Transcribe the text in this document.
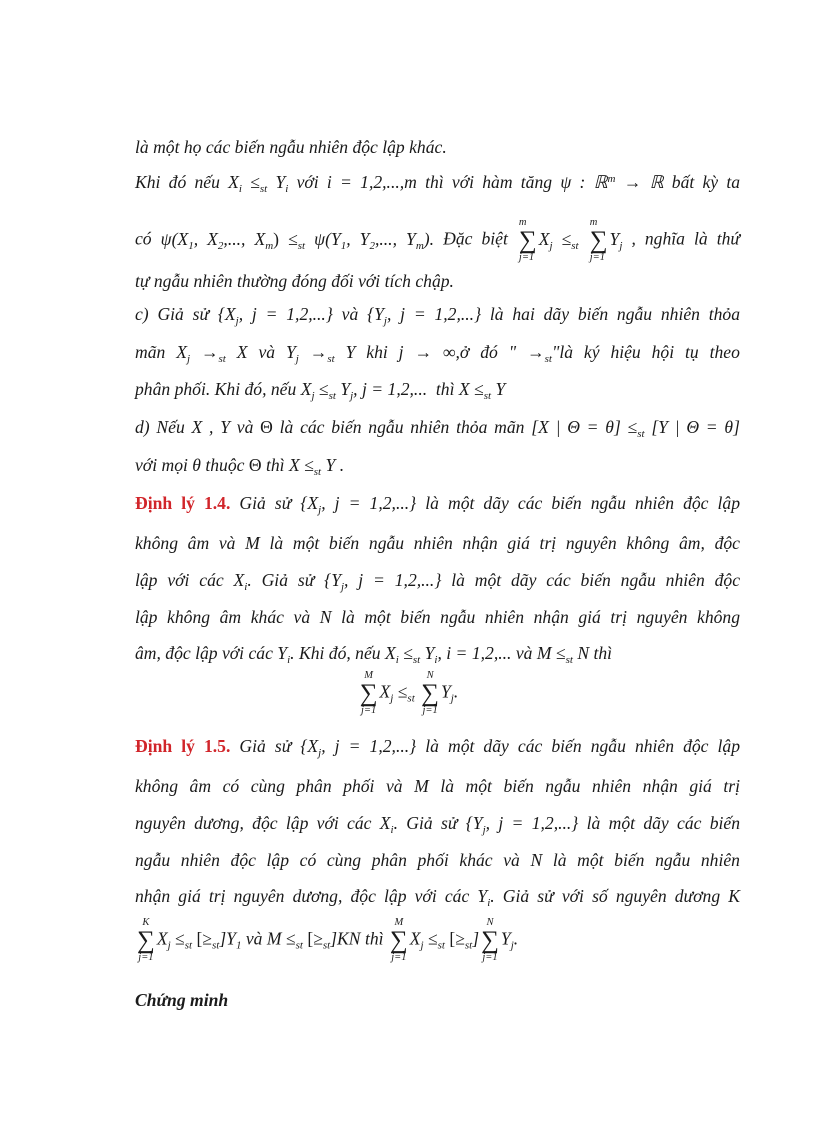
là một họ các biến ngẫu nhiên độc lập khác.
Khi đó nếu $X_i \le_{st}$ $Y_i$ với i = 1,2,...,m thì với hàm tăng ψ : ℝ$^m$ → ℝ bất kỳ ta
có $\psi(X_1$, $X_2$,..., $X_m) \le_{st}$ $\psi(Y_1$, $Y_2$,..., $Y_m$). Đặc biệt
m
∑
j=1
$X_j \le_{st}$
m
∑
j=1
$Y_j$ , nghĩa là thứ
tự ngẫu nhiên thường đóng đối với tích chập.
c) Giả sử {$X_j$, j = 1,2,...} và {$Y_j$, j = 1,2,...} là hai dãy biến ngẫu nhiên thỏa
mãn $X_j \to_{st}$ X và $Y_j \to_{st}$ Y khi j → ∞,ở đó " $\to_{st}"là$ ký hiệu hội tụ theo
phân phối. Khi đó, nếu $X_j \le_{st}$ $Y_j$, j = 1,2,... thì $X \le_{st}$ Y
d) Nếu X , Y và Θ là các biến ngẫu nhiên thỏa mãn [X | $\Theta = \theta] \le_{st}$ [Y | Θ = θ]
với mọi θ thuộc Θ thì $X \le_{st}$ Y .
Định lý 1.4. Giả sử {$X_j$, j = 1,2,...} là một dãy các biến ngẫu nhiên độc lập
không âm và M là một biến ngẫu nhiên nhận giá trị nguyên không âm, độc
lập với các $X_i$. Giả sử {$Y_j$, j = 1,2,...} là một dãy các biến ngẫu nhiên độc
lập không âm khác và N là một biến ngẫu nhiên nhận giá trị nguyên không
âm, độc lập với các $Y_i$. Khi đó, nếu $X_i \le_{st}$ $Y_i$, i = 1,2,... và $M \le_{st}$ N thì
M
∑
j=1
$X_j \le_{st}$
N
∑
j=1
$Y_j$.
Định lý 1.5. Giả sử {$X_j$, j = 1,2,...} là một dãy các biến ngẫu nhiên độc lập
không âm có cùng phân phối và M là một biến ngẫu nhiên nhận giá trị
nguyên dương, độc lập với các $X_i$. Giả sử {$Y_j$, j = 1,2,...} là một dãy các biến
ngẫu nhiên độc lập có cùng phân phối khác và N là một biến ngẫu nhiên
nhận giá trị nguyên dương, độc lập với các $Y_i$. Giả sử với số nguyên dương K
K
∑
j=1
$X_j \le_{st}$ $[\ge_{st}]Y_1$ và $M \le_{st}$ $[\ge_{st}]KN$ thì
M
∑
j=1
$X_j \le_{st}$ $[\ge_{st}]$
N
∑
j=1
$Y_j$.
Chứng minh
